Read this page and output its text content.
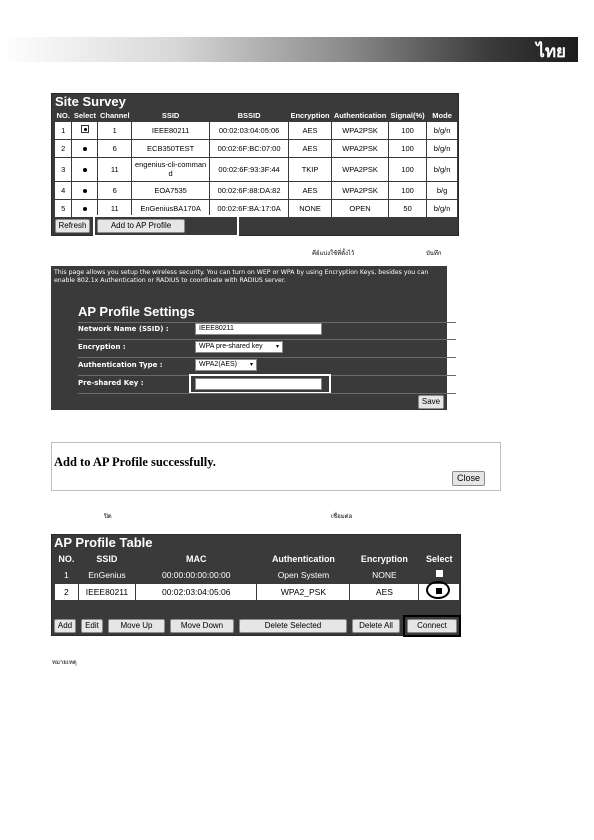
ไทย
Site Survey
NO.	Select	Channel	SSID	BSSID	Encryption	Authentication	Signal(%)	Mode
1		1	IEEE80211	00:02:03:04:05:06	AES	WPA2PSK	100	b/g/n
2		6	ECB350TEST	00:02:6F:BC:07:00	AES	WPA2PSK	100	b/g/n
3		11	engenius-cli-command	00:02:6F:93:3F:44	TKIP	WPA2PSK	100	b/g/n
4		6	EOA7535	00:02:6F:88:DA:82	AES	WPA2PSK	100	b/g
5		11	EnGeniusBA170A	00:02:6F:BA:17:0A	NONE	OPEN	50	b/g/n
Refresh	Add to AP Profile
คีย์แบ่งใช้ที่ตั้งไว้	บันทึก
This page allows you setup the wireless security. You can turn on WEP or WPA by using Encryption Keys, besides you can enable 802.1x Authentication or RADIUS to coordinate with RADIUS server.
AP Profile Settings
Network Name (SSID) :	IEEE80211
Encryption :	WPA pre-shared key ▾
Authentication Type :	WPA2(AES) ▾
Pre-shared Key :
Save
Add to AP Profile successfully.
Close
ปิด	เชื่อมต่อ
AP Profile Table
NO.	SSID	MAC	Authentication	Encryption	Select
1	EnGenius	00:00:00:00:00:00	Open System	NONE	
2	IEEE80211	00:02:03:04:05:06	WPA2_PSK	AES	
Add	Edit	Move Up	Move Down	Delete Selected	Delete All	Connect
หมายเหตุ
